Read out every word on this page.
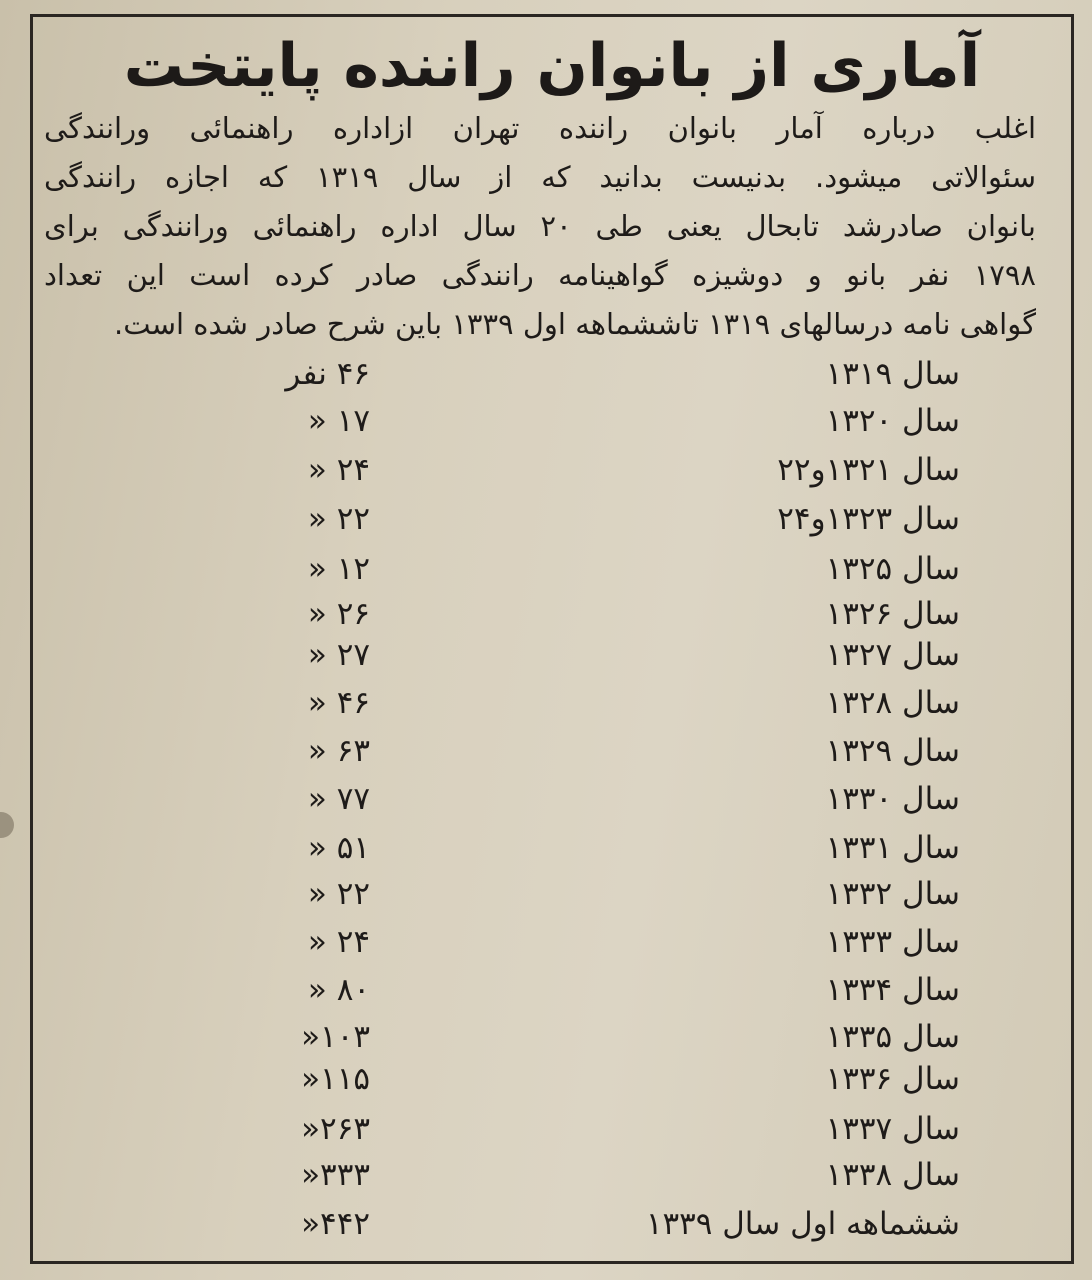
آماری از بانوان راننده پایتخت
اغلب درباره آمار بانوان راننده تهران ازاداره راهنمائی ورانندگی
سئوالاتی میشود. بدنیست بدانید که از سال ۱۳۱۹ که اجازه رانندگی
بانوان صادرشد تابحال یعنی طی ۲۰ سال اداره راهنمائی ورانندگی برای
۱۷۹۸ نفر بانو و دوشیزه گواهینامه رانندگی صادر کرده است این تعداد
گواهی نامه درسالهای ۱۳۱۹ تاششماهه اول ۱۳۳۹ باین شرح صادر شده است.
سال ۱۳۱۹
۴۶ نفر
سال ۱۳۲۰
۱۷ «
سال ۱۳۲۱و۲۲
۲۴ «
سال ۱۳۲۳و۲۴
۲۲ «
سال ۱۳۲۵
۱۲ «
سال ۱۳۲۶
۲۶ «
سال ۱۳۲۷
۲۷ «
سال ۱۳۲۸
۴۶ «
سال ۱۳۲۹
۶۳ «
سال ۱۳۳۰
۷۷ «
سال ۱۳۳۱
۵۱ «
سال ۱۳۳۲
۲۲ «
سال ۱۳۳۳
۲۴ «
سال ۱۳۳۴
۸۰ «
سال ۱۳۳۵
۱۰۳«
سال ۱۳۳۶
۱۱۵«
سال ۱۳۳۷
۲۶۳«
سال ۱۳۳۸
۳۳۳«
ششماهه اول سال ۱۳۳۹
۴۴۲«
